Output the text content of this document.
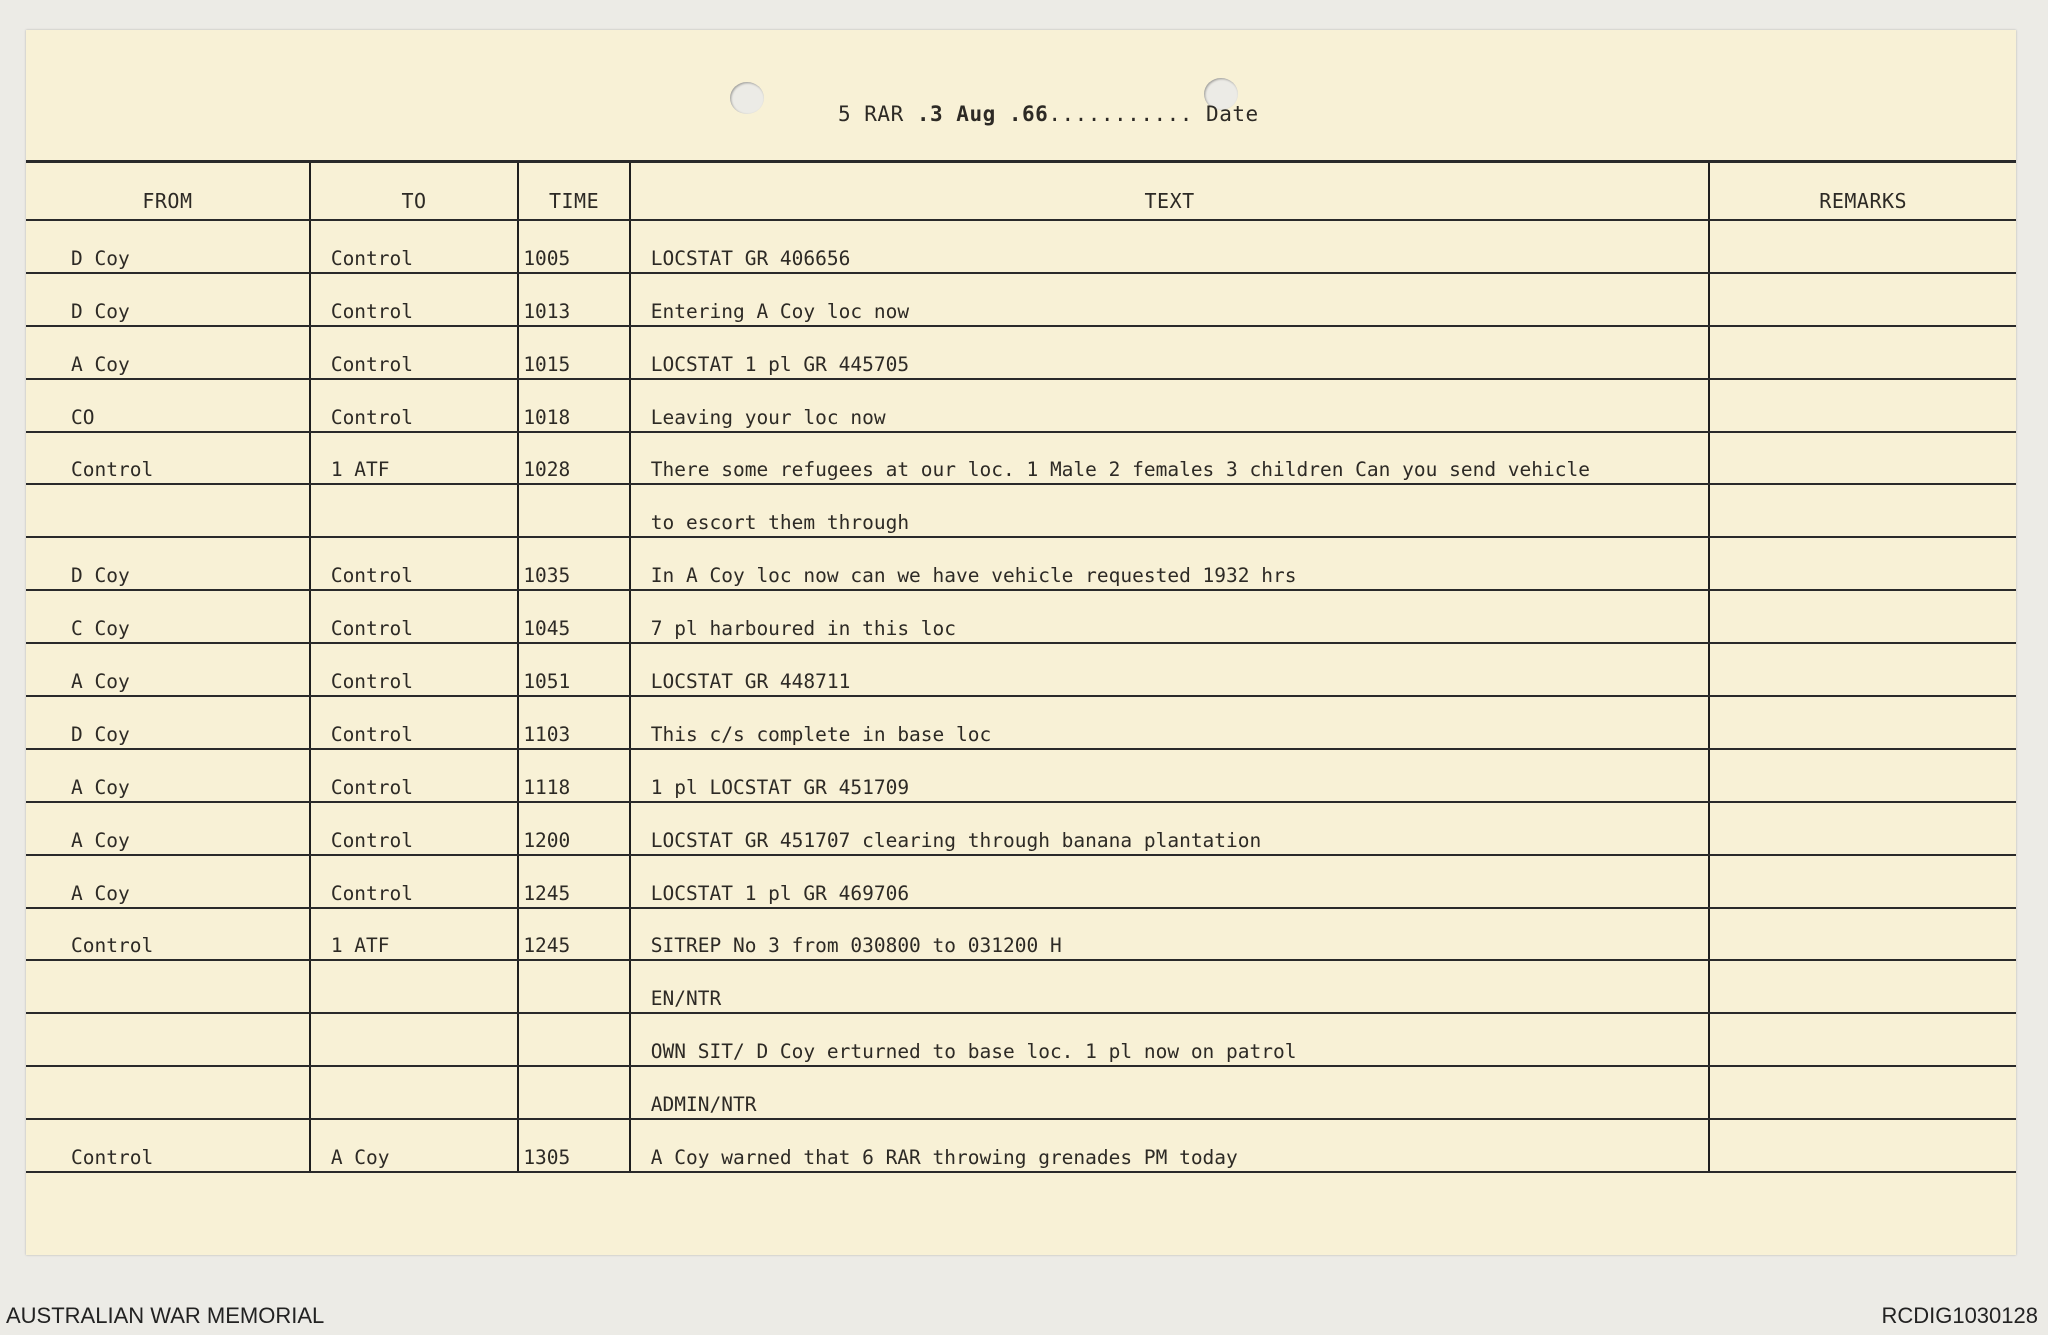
5 RAR .3 Aug .66........... Date
FROM	TO	TIME	TEXT	REMARKS
D Coy	Control	1005	LOCSTAT GR 406656	
D Coy	Control	1013	Entering A Coy loc now	
A Coy	Control	1015	LOCSTAT 1 pl GR 445705	
CO	Control	1018	Leaving your loc now	
Control	1 ATF	1028	There some refugees at our loc. 1 Male 2 females 3 children Can you send vehicle	
			to escort them through	
D Coy	Control	1035	In A Coy loc now can we have vehicle requested 1932 hrs	
C Coy	Control	1045	7 pl harboured in this loc	
A Coy	Control	1051	LOCSTAT GR 448711	
D Coy	Control	1103	This c/s complete in base loc	
A Coy	Control	1118	1 pl LOCSTAT GR 451709	
A Coy	Control	1200	LOCSTAT GR 451707 clearing through banana plantation	
A Coy	Control	1245	LOCSTAT 1 pl GR 469706	
Control	1 ATF	1245	SITREP No 3 from 030800 to 031200 H	
			EN/NTR	
			OWN SIT/ D Coy erturned to base loc. 1 pl now on patrol	
			ADMIN/NTR	
Control	A Coy	1305	A Coy warned that 6 RAR throwing grenades PM today	
AUSTRALIAN WAR MEMORIAL	RCDIG1030128
